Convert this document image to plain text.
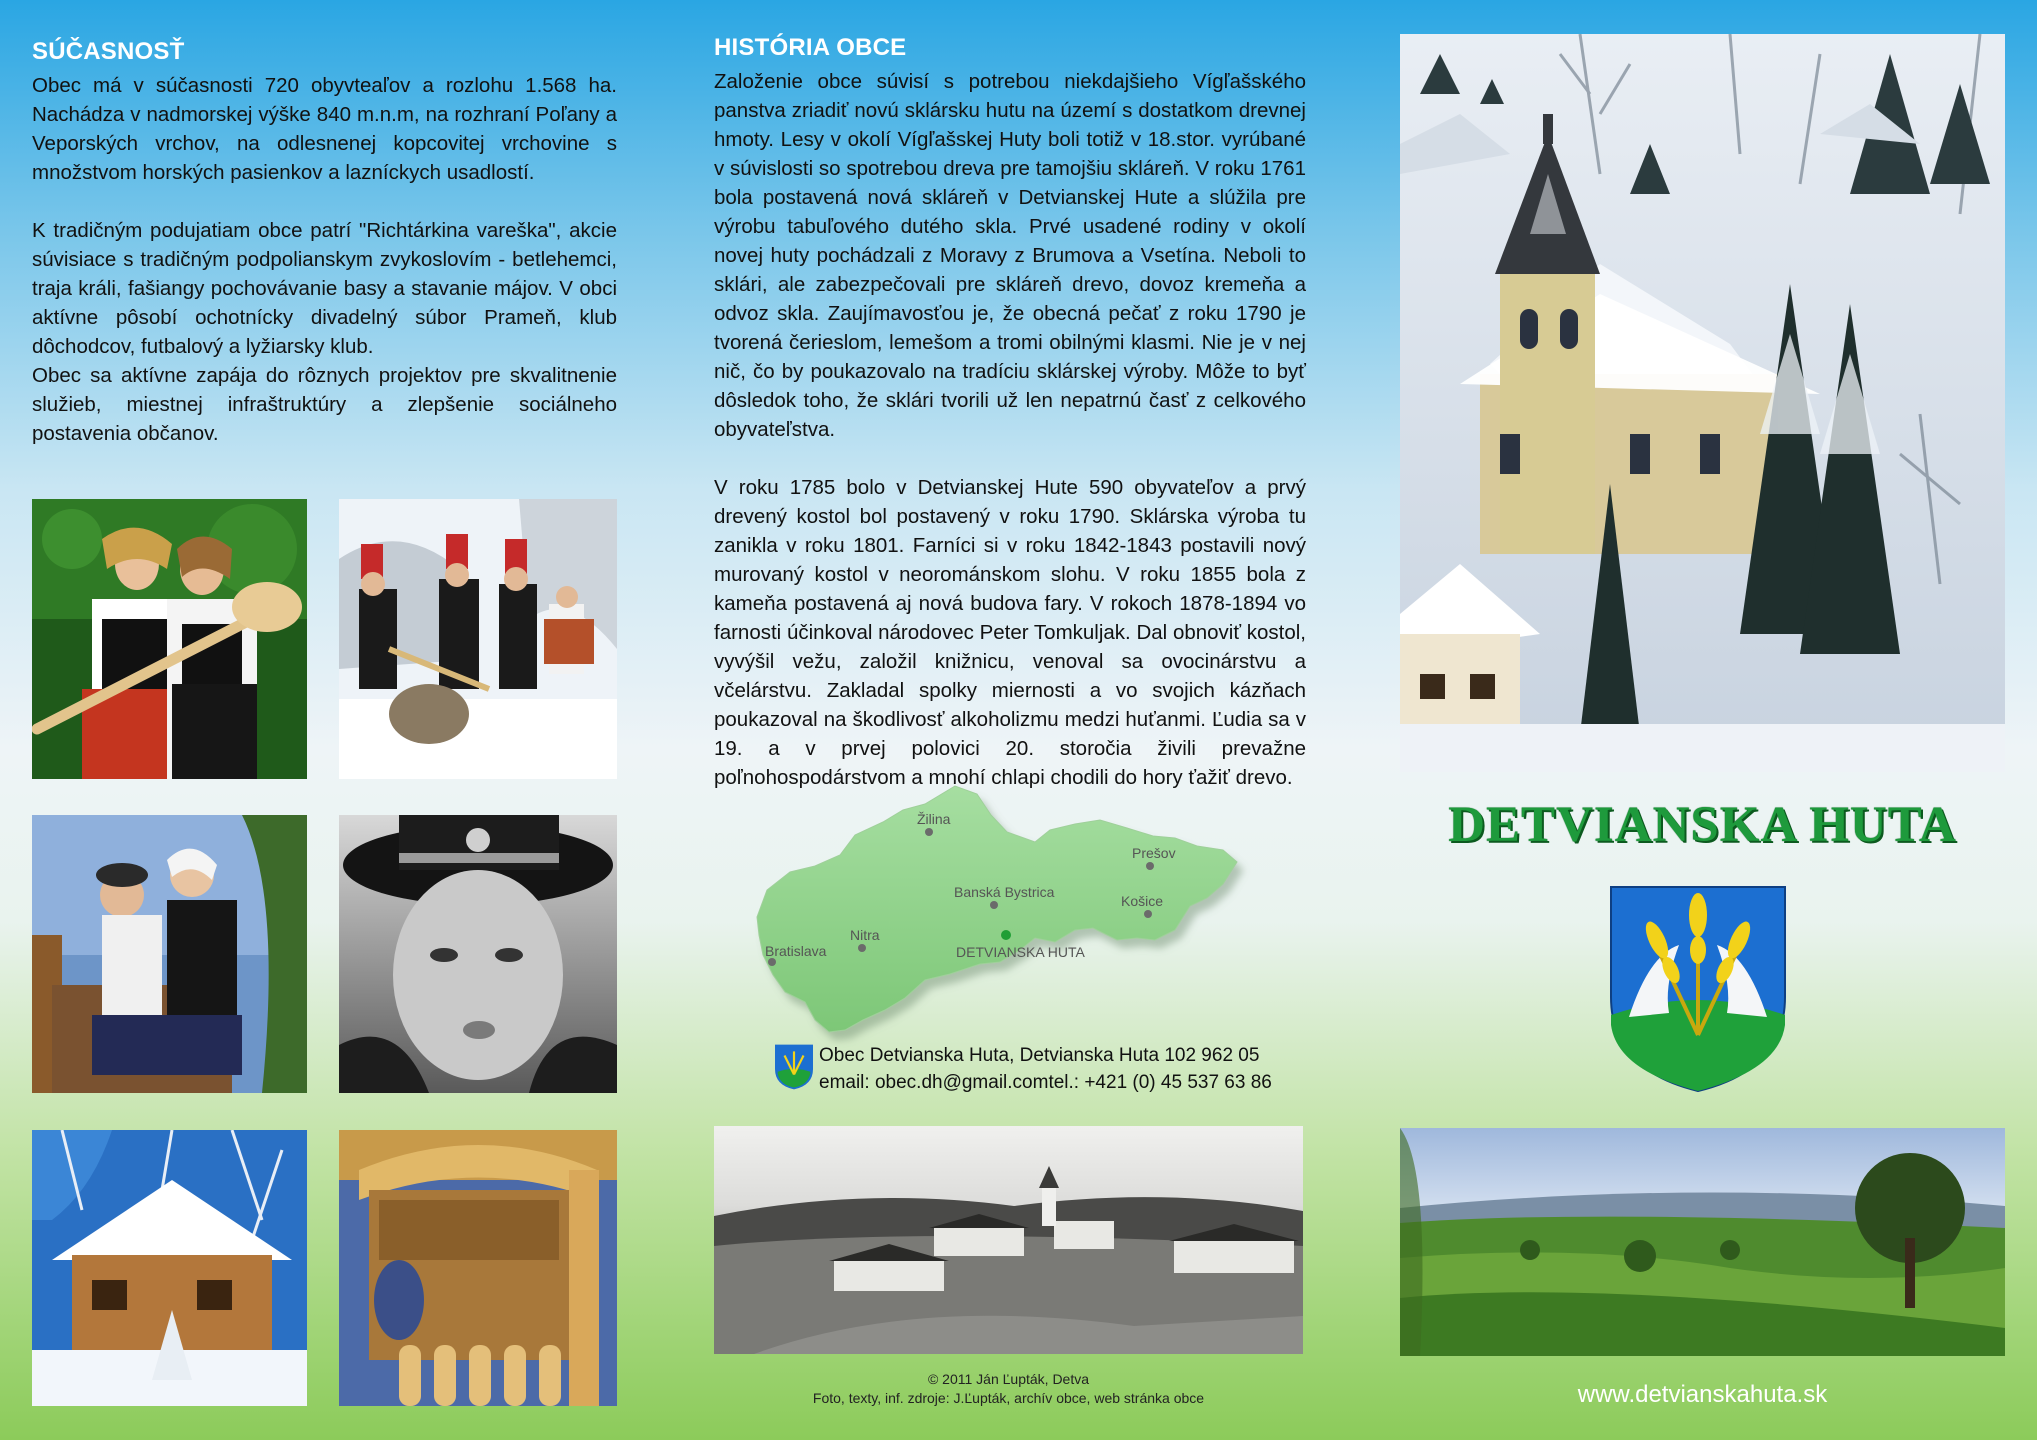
SÚČASNOSŤ

Obec má v súčasnosti 720 obyvteaľov a rozlohu 1.568 ha. Nachádza v nadmorskej výške 840 m.n.m, na rozhraní Poľany a Veporských vrchov, na odlesnenej kopcovitej vrchovine s množstvom horských pasienkov a lazníckych usadlostí.

K tradičným podujatiam obce patrí "Richtárkina vareška", akcie súvisiace s tradičným podpolianskym zvykoslovím - betlehemci, traja králi, fašiangy pochovávanie basy a stavanie májov. V obci aktívne pôsobí ochotnícky divadelný súbor Prameň, klub dôchodcov, futbalový a lyžiarsky klub.

Obec sa aktívne zapája do rôznych projektov pre skvalitnenie služieb, miestnej infraštruktúry a zlepšenie sociálneho postavenia občanov.

HISTÓRIA OBCE

Založenie obce súvisí s potrebou niekdajšieho Vígľašského panstva zriadiť novú sklársku hutu na území s dostatkom drevnej hmoty. Lesy v okolí Vígľašskej Huty boli totiž v 18.stor. vyrúbané v súvislosti so spotrebou dreva pre tamojšiu skláreň. V roku 1761 bola postavená nová skláreň v Detvianskej Hute a slúžila pre výrobu tabuľového dutého skla. Prvé usadené rodiny v okolí novej huty pochádzali z Moravy z Brumova a Vsetína. Neboli to sklári, ale zabezpečovali pre skláreň drevo, dovoz kremeňa a odvoz skla. Zaujímavosťou je, že obecná pečať z roku 1790 je tvorená čerieslom, lemešom a tromi obilnými klasmi. Nie je v nej nič, čo by poukazovalo na tradíciu sklárskej výroby. Môže to byť dôsledok toho, že sklári tvorili už len nepatrnú časť z celkového obyvateľstva.

V roku 1785 bolo v Detvianskej Hute 590 obyvateľov a prvý drevený kostol bol postavený v roku 1790. Sklárska výroba tu zanikla v roku 1801. Farníci si v roku 1842-1843 postavili nový murovaný kostol v neorománskom slohu. V roku 1855 bola z kameňa postavená aj nová budova fary. V rokoch 1878-1894 vo farnosti účinkoval národovec Peter Tomkuljak. Dal obnoviť kostol, vyvýšil vežu, založil knižnicu, venoval sa ovocinárstvu a včelárstvu. Zakladal spolky miernosti a vo svojich kázňach poukazoval na škodlivosť alkoholizmu medzi huťanmi. Ľudia sa v 19. a v prvej polovici 20. storočia živili prevažne poľnohospodárstvom a mnohí chlapi chodili do hory ťažiť drevo.

Žilina
Prešov
Banská Bystrica
Košice
Nitra
Bratislava	DETVIANSKA HUTA
Obec Detvianska Huta, Detvianska Huta 102 962 05
email: obec.dh@gmail.comtel.: +421 (0) 45 537 63 86
© 2011 Ján Ľupták, Detva
Foto, texty, inf. zdroje: J.Ľupták, archív obce, web stránka obce
DETVIANSKA HUTA
www.detvianskahuta.sk
